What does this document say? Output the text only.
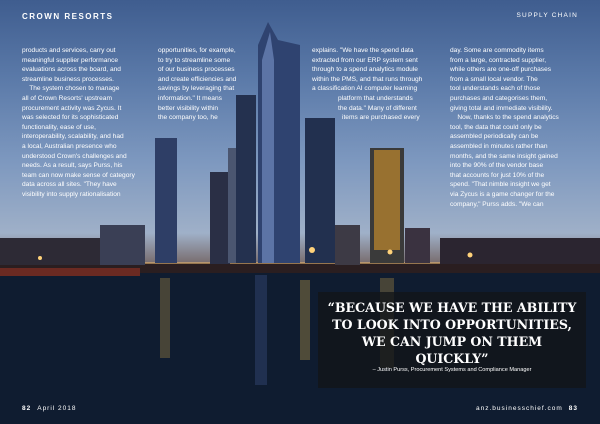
CROWN RESORTS	SUPPLY CHAIN

products and services, carry out

meaningful supplier performance

evaluations across the board, and

streamline business processes.

The system chosen to manage

all of Crown Resorts' upstream

procurement activity was Zycus. It

was selected for its sophisticated

functionality, ease of use,

interoperability, scalability, and had

a local, Australian presence who

understood Crown's challenges and

needs. As a result, says Purss, his

team can now make sense of category

data across all sites. "They have

visibility into supply rationalisation

opportunities, for example,

to try to streamline some

of our business processes

and create efficiencies and

savings by leveraging that

information." It means

better visibility within

the company too, he

explains. "We have the spend data

extracted from our ERP system sent

through to a spend analytics module

within the PMS, and that runs through

a classification AI computer learning

platform that understands

the data." Many of different

items are purchased every

day. Some are commodity items

from a large, contracted supplier,

while others are one-off purchases

from a small local vendor. The

tool understands each of those

purchases and categorises them,

giving total and immediate visibility.

Now, thanks to the spend analytics

tool, the data that could only be

assembled periodically can be

assembled in minutes rather than

months, and the same insight gained

into the 90% of the vendor base

that accounts for just 10% of the

spend. "That nimble insight we get

via Zycus is a game changer for the

company," Purss adds. "We can

“BECAUSE WE HAVE THE ABILITY TO LOOK INTO OPPORTUNITIES, WE CAN JUMP ON THEM QUICKLY”
– Justin Purss, Procurement Systems and Compliance Manager
82 April 2018	anz.businesschief.com 83
